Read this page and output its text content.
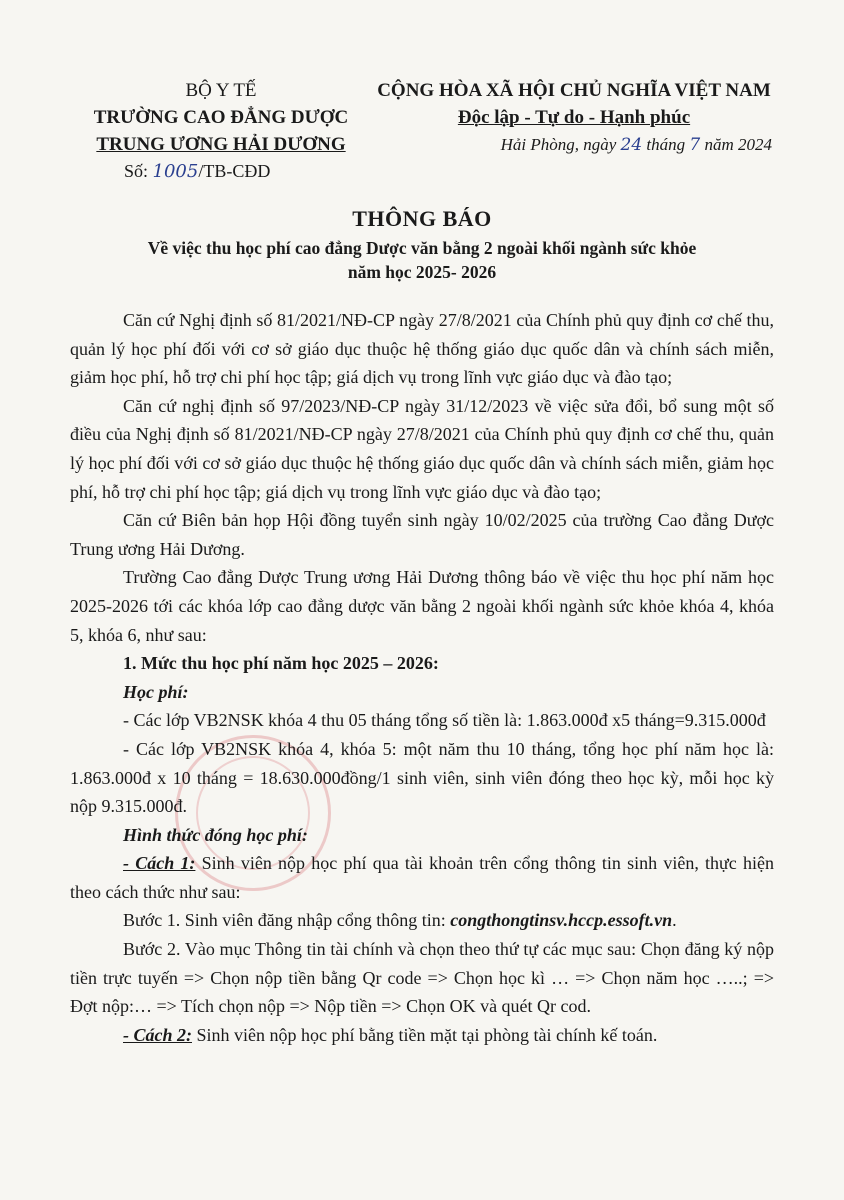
BỘ Y TẾ
TRƯỜNG CAO ĐẲNG DƯỢC
TRUNG ƯƠNG HẢI DƯƠNG
Số: 1005/TB-CĐD
CỘNG HÒA XÃ HỘI CHỦ NGHĨA VIỆT NAM
Độc lập - Tự do - Hạnh phúc
Hải Phòng, ngày 24 tháng 7 năm 2024
THÔNG BÁO
Về việc thu học phí cao đẳng Dược văn bằng 2 ngoài khối ngành sức khỏe
năm học 2025- 2026

Căn cứ Nghị định số 81/2021/NĐ-CP ngày 27/8/2021 của Chính phủ quy định cơ chế thu, quản lý học phí đối với cơ sở giáo dục thuộc hệ thống giáo dục quốc dân và chính sách miễn, giảm học phí, hỗ trợ chi phí học tập; giá dịch vụ trong lĩnh vực giáo dục và đào tạo;

Căn cứ nghị định số 97/2023/NĐ-CP ngày 31/12/2023 về việc sửa đổi, bổ sung một số điều của Nghị định số 81/2021/NĐ-CP ngày 27/8/2021 của Chính phủ quy định cơ chế thu, quản lý học phí đối với cơ sở giáo dục thuộc hệ thống giáo dục quốc dân và chính sách miễn, giảm học phí, hỗ trợ chi phí học tập; giá dịch vụ trong lĩnh vực giáo dục và đào tạo;

Căn cứ Biên bản họp Hội đồng tuyển sinh ngày 10/02/2025 của trường Cao đẳng Dược Trung ương Hải Dương.

Trường Cao đẳng Dược Trung ương Hải Dương thông báo về việc thu học phí năm học 2025-2026 tới các khóa lớp cao đẳng dược văn bằng 2 ngoài khối ngành sức khỏe khóa 4, khóa 5, khóa 6, như sau:

1. Mức thu học phí năm học 2025 – 2026:

Học phí:

- Các lớp VB2NSK khóa 4 thu 05 tháng tổng số tiền là: 1.863.000đ x5 tháng=9.315.000đ

- Các lớp VB2NSK khóa 4, khóa 5: một năm thu 10 tháng, tổng học phí năm học là: 1.863.000đ x 10 tháng = 18.630.000đồng/1 sinh viên, sinh viên đóng theo học kỳ, mỗi học kỳ nộp 9.315.000đ.

Hình thức đóng học phí:

- Cách 1: Sinh viên nộp học phí qua tài khoản trên cổng thông tin sinh viên, thực hiện theo cách thức như sau:

Bước 1. Sinh viên đăng nhập cổng thông tin: congthongtinsv.hccp.essoft.vn.

Bước 2. Vào mục Thông tin tài chính và chọn theo thứ tự các mục sau: Chọn đăng ký nộp tiền trực tuyến => Chọn nộp tiền bằng Qr code => Chọn học kì … => Chọn năm học …..; => Đợt nộp:… => Tích chọn nộp => Nộp tiền => Chọn OK và quét Qr cod.

- Cách 2: Sinh viên nộp học phí bằng tiền mặt tại phòng tài chính kế toán.
